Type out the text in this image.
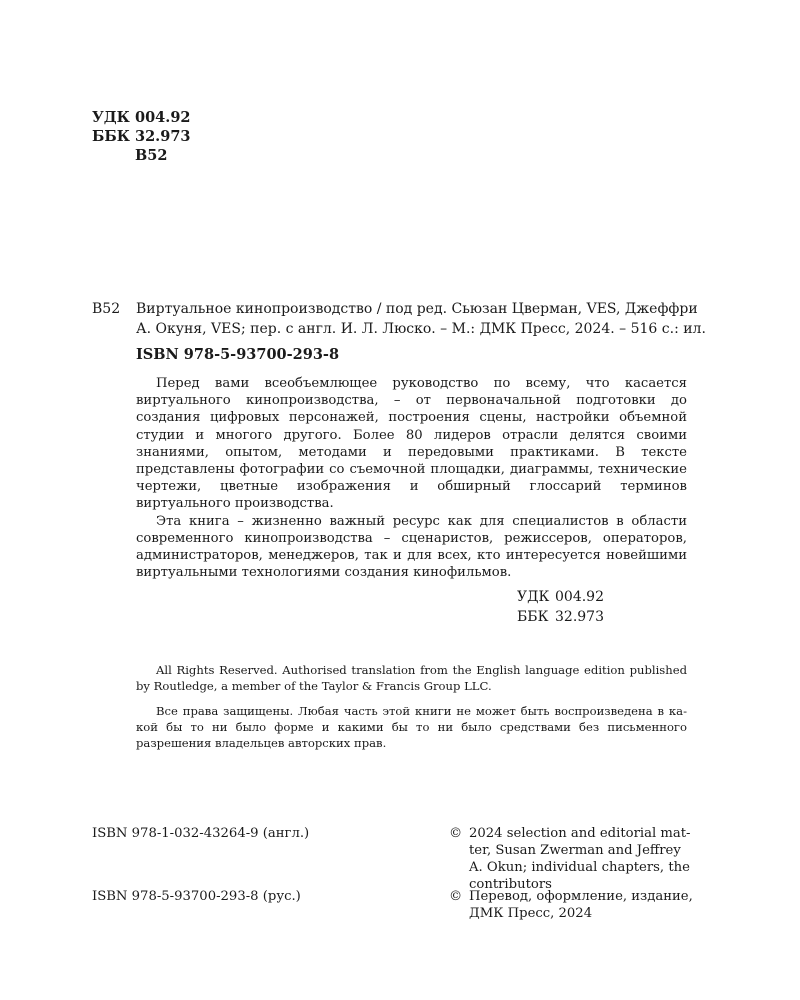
УДК 004.92
ББК 32.973
В52
В52 Виртуальное кинопроизводство / под ред. Сьюзан Цверман, VES, Джеффри
А. Окуня, VES; пер. с англ. И. Л. Люско. – М.: ДМК Пресс, 2024. – 516 с.: ил.
ISBN 978-5-93700-293-8

Перед вами всеобъемлющее руководство по всему, что касается виртуального кинопроизводства, – от первоначальной подготовки до создания цифровых персонажей, построения сцены, настройки объемной студии и многого другого. Более 80 лидеров отрасли делятся своими знаниями, опытом, методами и передовыми практиками. В тексте представлены фотографии со съемочной площадки, диаграммы, технические чертежи, цветные изображения и обширный глоссарий терминов виртуального производства.

Эта книга – жизненно важный ресурс как для специалистов в области современного кинопроизводства – сценаристов, режиссеров, операторов, администраторов, менеджеров, так и для всех, кто интересуется новейшими виртуальными технологиями создания кинофильмов.

УДК 004.92
ББК 32.973

All Rights Reserved. Authorised translation from the English language edition published by Routledge, a member of the Taylor & Francis Group LLC.

Все права защищены. Любая часть этой книги не может быть воспроизведена в какой бы то ни было форме и какими бы то ни было средствами без письменного разрешения владельцев авторских прав.

ISBN 978-1-032-43264-9 (англ.)
ISBN 978-5-93700-293-8 (рус.)
© 2024 selection and editorial mat-
ter, Susan Zwerman and Jeffrey
A. Okun; individual chapters, the
contributors
© Перевод, оформление, издание,
ДМК Пресс, 2024
